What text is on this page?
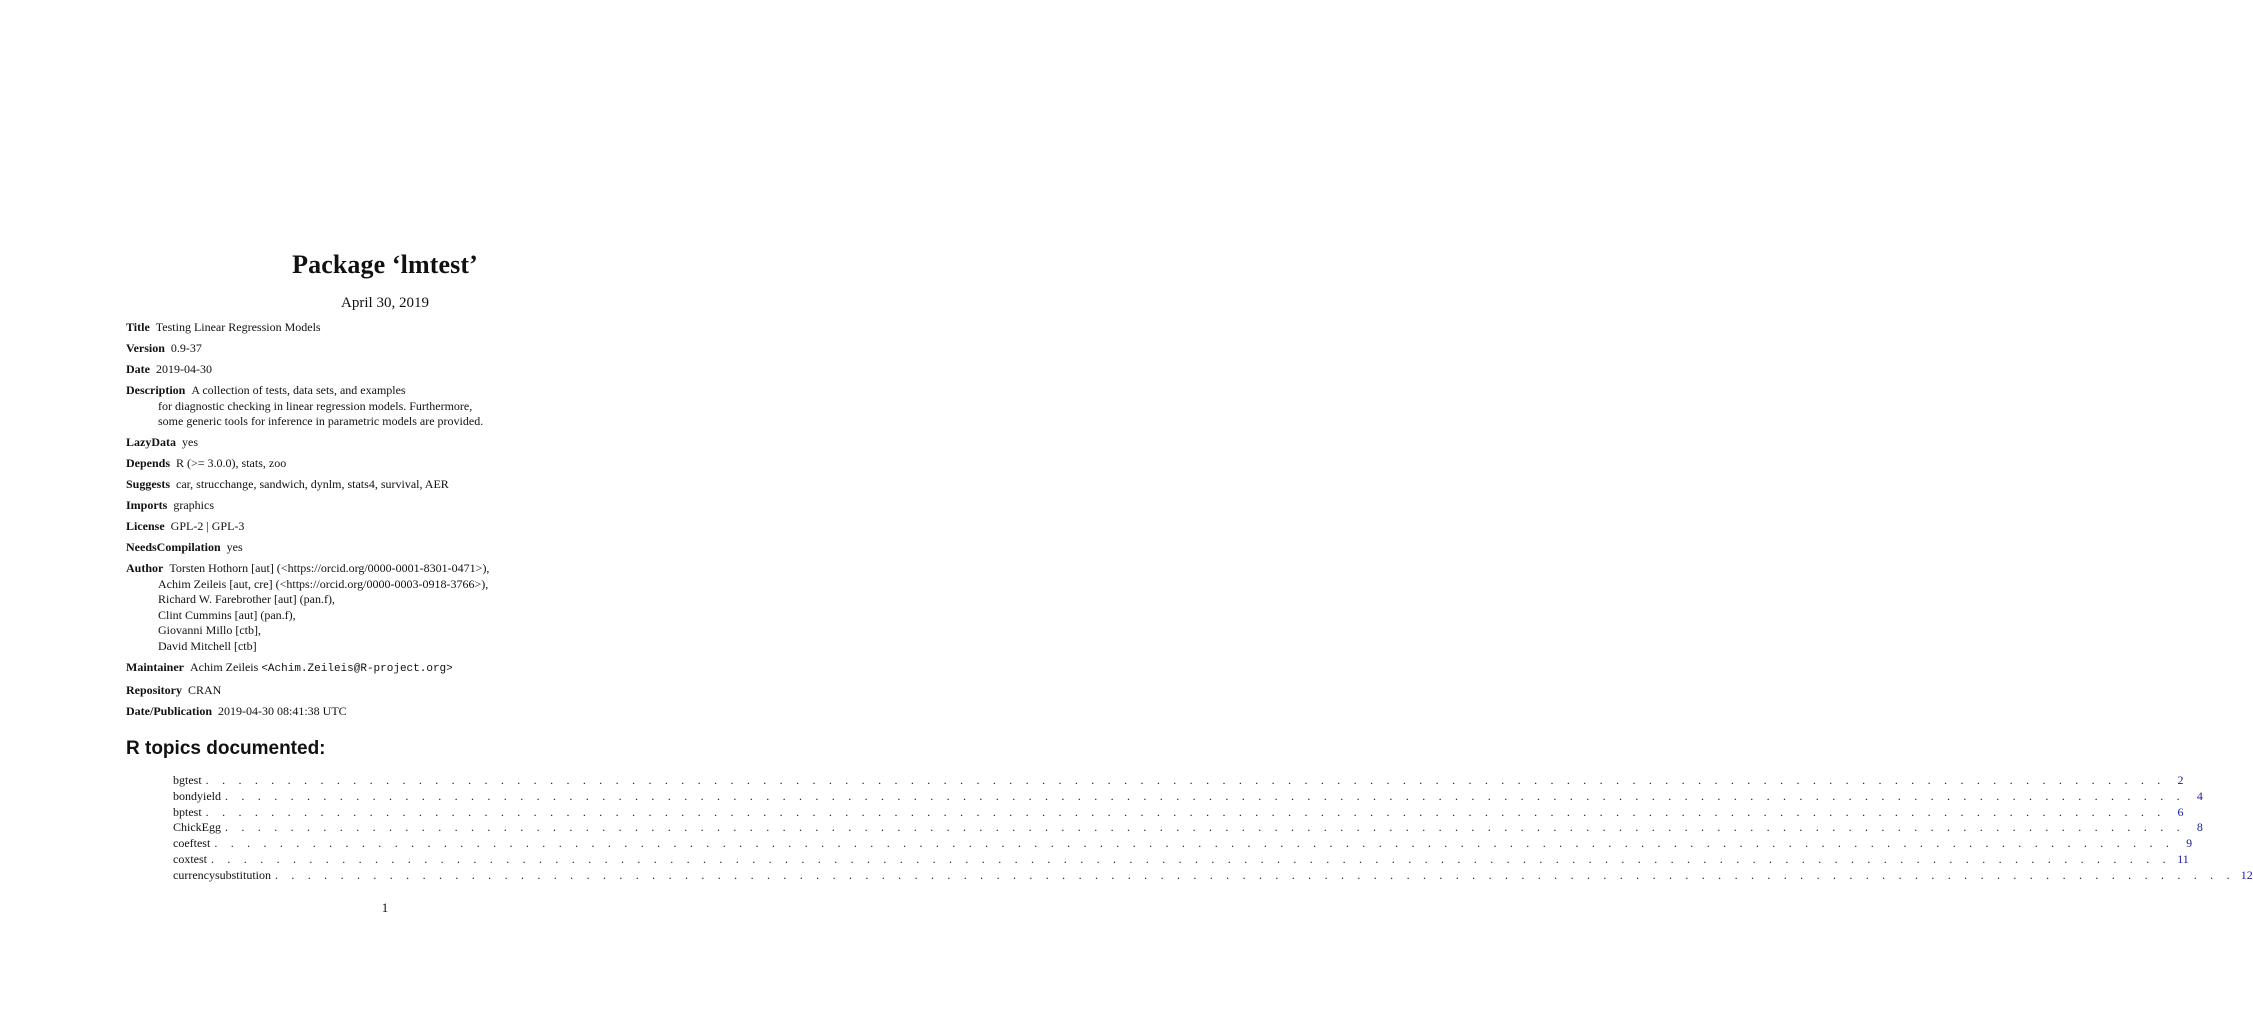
Package ‘lmtest’
April 30, 2019
Title Testing Linear Regression Models
Version 0.9-37
Date 2019-04-30
Description A collection of tests, data sets, and examples
for diagnostic checking in linear regression models. Furthermore,
some generic tools for inference in parametric models are provided.
LazyData yes
Depends R (>= 3.0.0), stats, zoo
Suggests car, strucchange, sandwich, dynlm, stats4, survival, AER
Imports graphics
License GPL-2 | GPL-3
NeedsCompilation yes
Author Torsten Hothorn [aut] (<https://orcid.org/0000-0001-8301-0471>),
Achim Zeileis [aut, cre] (<https://orcid.org/0000-0003-0918-3766>),
Richard W. Farebrother [aut] (pan.f),
Clint Cummins [aut] (pan.f),
Giovanni Millo [ctb],
David Mitchell [ctb]
Maintainer Achim Zeileis <Achim.Zeileis@R-project.org>
Repository CRAN
Date/Publication 2019-04-30 08:41:38 UTC
R topics documented:
bgtest . . . . . . . . . . . . . . . . . . . . . . . . . . . . . . . . . . . . . . . . . . . . . . . . . . . . . . . . . . . . . . . . . . . . . . . . . . . . . . . . . . . . . . . . . . . . . . . . . . . . . . . . . . . . . . . . . . . . . . . .	2
bondyield . . . . . . . . . . . . . . . . . . . . . . . . . . . . . . . . . . . . . . . . . . . . . . . . . . . . . . . . . . . . . . . . . . . . . . . . . . . . . . . . . . . . . . . . . . . . . . . . . . . . . . . . . . . . . . . . . . . . . . . .	4
bptest . . . . . . . . . . . . . . . . . . . . . . . . . . . . . . . . . . . . . . . . . . . . . . . . . . . . . . . . . . . . . . . . . . . . . . . . . . . . . . . . . . . . . . . . . . . . . . . . . . . . . . . . . . . . . . . . . . . . . . . .	6
ChickEgg . . . . . . . . . . . . . . . . . . . . . . . . . . . . . . . . . . . . . . . . . . . . . . . . . . . . . . . . . . . . . . . . . . . . . . . . . . . . . . . . . . . . . . . . . . . . . . . . . . . . . . . . . . . . . . . . . . . . . . . .	8
coeftest . . . . . . . . . . . . . . . . . . . . . . . . . . . . . . . . . . . . . . . . . . . . . . . . . . . . . . . . . . . . . . . . . . . . . . . . . . . . . . . . . . . . . . . . . . . . . . . . . . . . . . . . . . . . . . . . . . . . . . . .	9
coxtest . . . . . . . . . . . . . . . . . . . . . . . . . . . . . . . . . . . . . . . . . . . . . . . . . . . . . . . . . . . . . . . . . . . . . . . . . . . . . . . . . . . . . . . . . . . . . . . . . . . . . . . . . . . . . . . . . . . . . . . . 11
currencysubstitution . . . . . . . . . . . . . . . . . . . . . . . . . . . . . . . . . . . . . . . . . . . . . . . . . . . . . . . . . . . . . . . . . . . . . . . . . . . . . . . . . . . . . . . . . . . . . . . . . . . . . . . . . . . . . . . . . . . . . . . . 12
1
